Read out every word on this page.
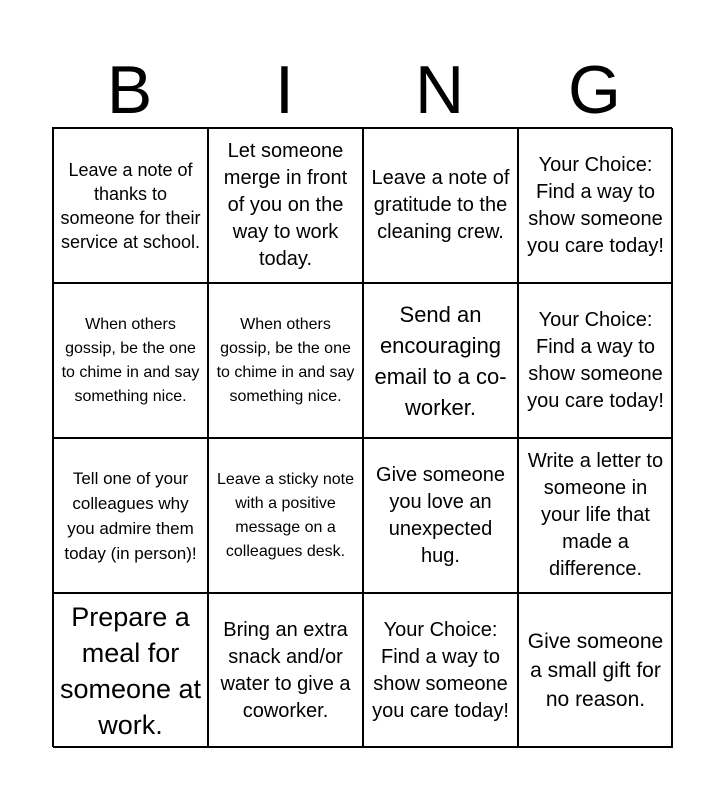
B	I	N	G
Leave a note of thanks to someone for their service at school.
Let someone merge in front of you on the way to work today.
Leave a note of gratitude to the cleaning crew.
Your Choice: Find a way to show someone you care today!
When others gossip, be the one to chime in and say something nice.
When others gossip, be the one to chime in and say something nice.
Send an encouraging email to a co-worker.
Your Choice: Find a way to show someone you care today!
Tell one of your colleagues why you admire them today (in person)!
Leave a sticky note with a positive message on a colleagues desk.
Give someone you love an unexpected hug.
Write a letter to someone in your life that made a difference.
Prepare a meal for someone at work.
Bring an extra snack and/or water to give a coworker.
Your Choice: Find a way to show someone you care today!
Give someone a small gift for no reason.
